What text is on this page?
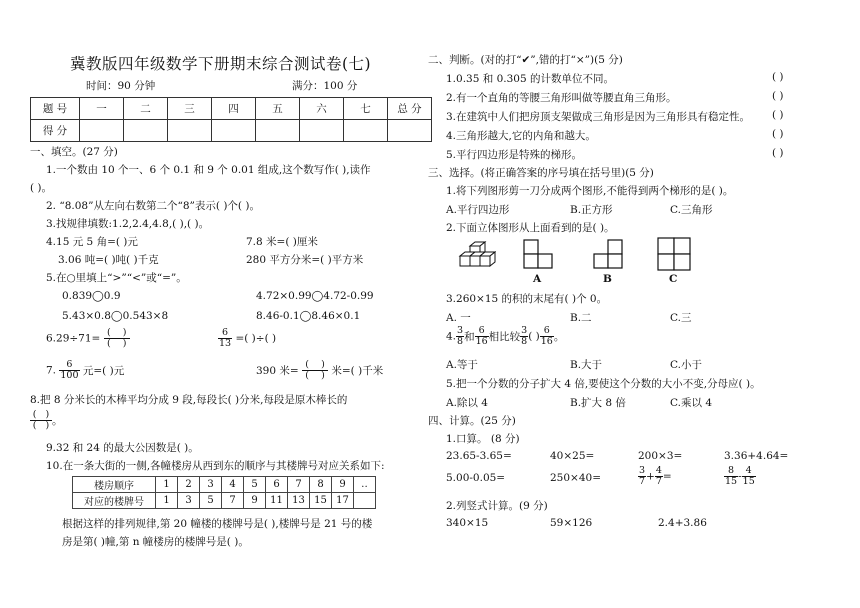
冀教版四年级数学下册期末综合测试卷(七)
时间：90 分钟	满分：100 分
题 号	一	二	三	四	五	六	七	总 分
得 分								
一、填空。(27 分)
1.一个数由 10 个一、6 个 0.1 和 9 个 0.01 组成,这个数写作( ),读作
( )。
2. “8.08”从左向右数第二个“8”表示( )个( )。
3.找规律填数:1.2,2.4,4.8,( ),( )。
4.15 元 5 角=( )元	7.8 米=( )厘米
3.06 吨=( )吨( )千克	280 平方分米=( )平方米
5.在○里填上“>”“<”或“=”。
0.839◯0.9	4.72×0.99◯4.72-0.99
5.43×0.8◯0.543×8	8.46-0.1◯8.46×0.1
$6.29\div 71= \frac{( )}{( )}$	$\frac{6}{13}$ =( )÷( )
7. $\frac{6}{100}$ 元=( )元	390 米= $\frac{( )}{( )}$ 米=( )千米
8.把 8 分米长的木棒平均分成 9 段,每段长( )分米,每段是原木棒长的
$\frac{( )}{( )}$ 。
9.32 和 24 的最大公因数是( )。
10.在一条大街的一侧,各幢楼房从西到东的顺序与其楼牌号对应关系如下:
楼房顺序	1	2	3	4	5	6	7	8	9	‥
对应的楼牌号	1	3	5	7	9	11	13	15	17	
根据这样的排列规律,第 20 幢楼的楼牌号是( ),楼牌号是 21 号的楼
房是第( )幢,第 n 幢楼房的楼牌号是( )。
二、判断。(对的打“✔”,错的打“×”)(5 分)
1.0.35 和 0.305 的计数单位不同。
2.有一个直角的等腰三角形叫做等腰直角三角形。
3.在建筑中人们把房顶支架做成三角形是因为三角形具有稳定性。
4.三角形越大,它的内角和越大。
5.平行四边形是特殊的梯形。
( )
( )
( )
( )
( )
三、选择。(将正确答案的序号填在括号里)(5 分)
1.将下列图形剪一刀分成两个图形,不能得到两个梯形的是( )。
A.平行四边形	B.正方形	C.三角形
2.下面立体图形从上面看到的是( )。
A	B	C
3.260×15 的积的末尾有( )个 0。
A. 一	B.二	C.三
4. $\frac{3}{8}$ 和 $\frac{6}{16}$ 相比较 $\frac{3}{8}$ ( ) $\frac{6}{16}$ 。
A.等于	B.大于	C.小于
5.把一个分数的分子扩大 4 倍,要使这个分数的大小不变,分母应( )。
A.除以 4	B.扩大 8 倍	C.乘以 4
四、计算。(25 分)
1.口算。 (8 分)
23.65-3.65=	40×25=	200×3=	3.36+4.64=
5.00-0.05=	250×40=	$\frac{3}{7} + \frac{4}{7}$ =	$\frac{8}{15} - \frac{4}{15}$
2.列竖式计算。(9 分)
340×15	59×126	2.4+3.86
